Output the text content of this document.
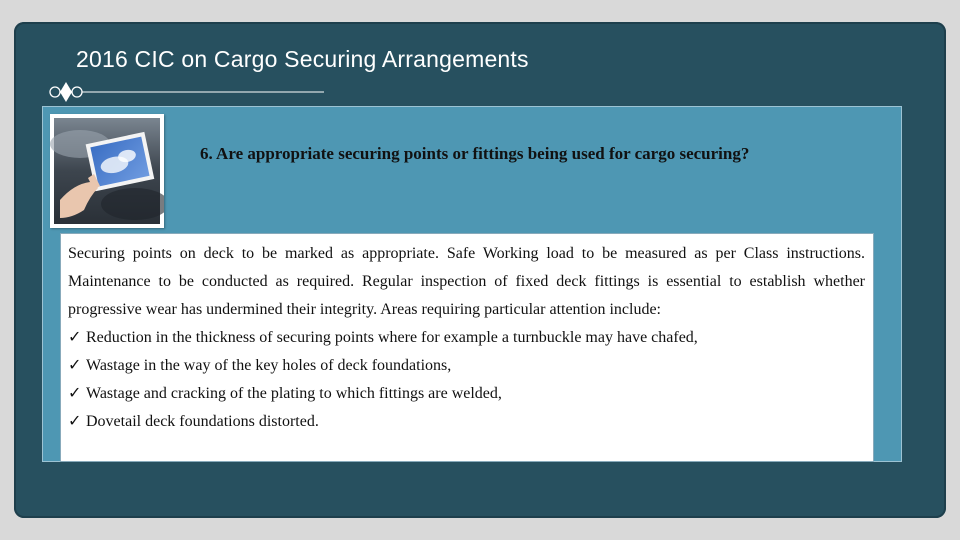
2016 CIC on Cargo Securing Arrangements
6. Are appropriate securing points or fittings being used for cargo securing?
Securing points on deck to be marked as appropriate. Safe Working load to be measured as per Class instructions. Maintenance to be conducted as required. Regular inspection of fixed deck fittings is essential to establish whether progressive wear has undermined their integrity. Areas requiring particular attention include:
✓ Reduction in the thickness of securing points where for example a turnbuckle may have chafed,
✓ Wastage in the way of the key holes of deck foundations,
✓ Wastage and cracking of the plating to which fittings are welded,
✓ Dovetail deck foundations distorted.
